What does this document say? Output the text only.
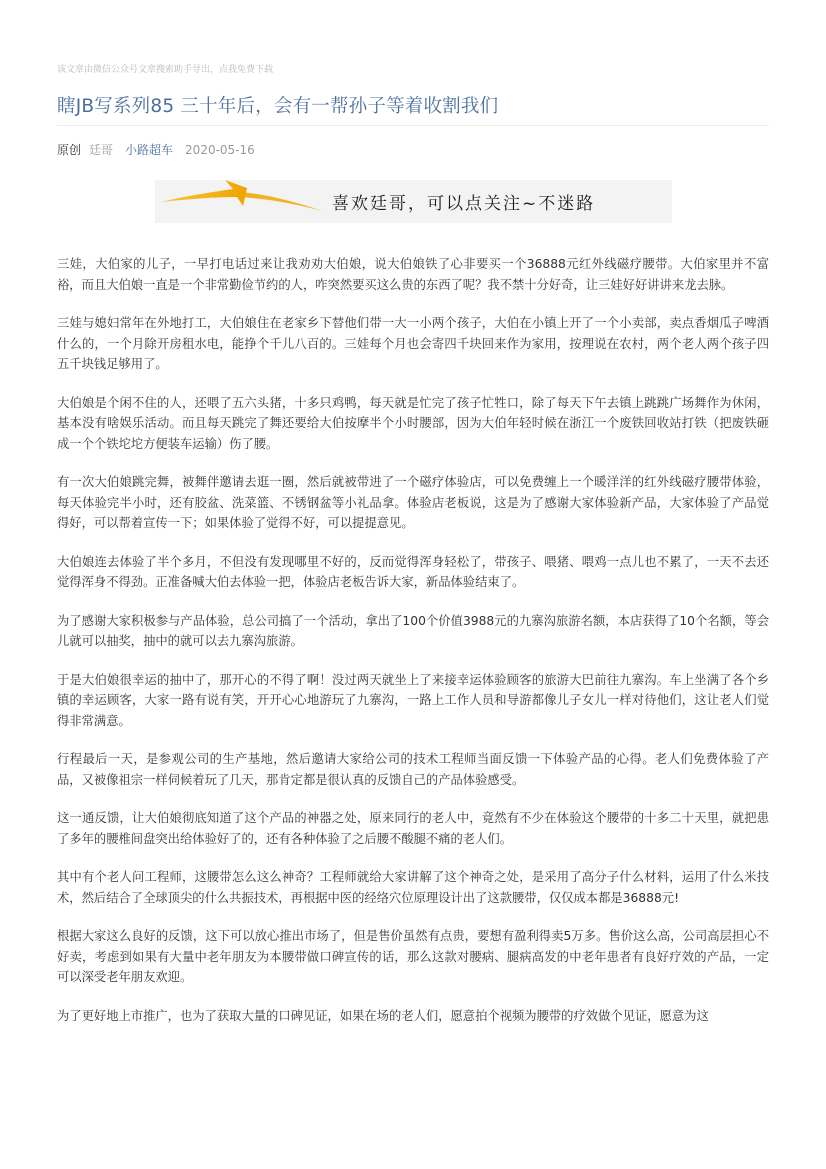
该文章由微信公众号文章搜索助手导出，点我免费下载
瞎JB写系列85 三十年后，会有一帮孙子等着收割我们
原创 廷哥 小路超车 2020-05-16
喜欢廷哥，可以点关注~不迷路

三娃，大伯家的儿子，一早打电话过来让我劝劝大伯娘，说大伯娘铁了心非要买一个36888元红外线磁疗腰带。大伯家里并不富裕，而且大伯娘一直是一个非常勤俭节约的人，咋突然要买这么贵的东西了呢？我不禁十分好奇，让三娃好好讲讲来龙去脉。

三娃与媳妇常年在外地打工，大伯娘住在老家乡下替他们带一大一小两个孩子，大伯在小镇上开了一个小卖部，卖点香烟瓜子啤酒什么的，一个月除开房租水电，能挣个千儿八百的。三娃每个月也会寄四千块回来作为家用，按理说在农村，两个老人两个孩子四五千块钱足够用了。

大伯娘是个闲不住的人，还喂了五六头猪，十多只鸡鸭，每天就是忙完了孩子忙牲口，除了每天下午去镇上跳跳广场舞作为休闲，基本没有啥娱乐活动。而且每天跳完了舞还要给大伯按摩半个小时腰部，因为大伯年轻时候在浙江一个废铁回收站打铁（把废铁砸成一个个铁坨坨方便装车运输）伤了腰。

有一次大伯娘跳完舞，被舞伴邀请去逛一圈，然后就被带进了一个磁疗体验店，可以免费缠上一个暖洋洋的红外线磁疗腰带体验，每天体验完半小时，还有胶盆、洗菜篮、不锈钢盆等小礼品拿。体验店老板说，这是为了感谢大家体验新产品，大家体验了产品觉得好，可以帮着宣传一下；如果体验了觉得不好，可以提提意见。

大伯娘连去体验了半个多月，不但没有发现哪里不好的，反而觉得浑身轻松了，带孩子、喂猪、喂鸡一点儿也不累了，一天不去还觉得浑身不得劲。正准备喊大伯去体验一把，体验店老板告诉大家，新品体验结束了。

为了感谢大家积极参与产品体验，总公司搞了一个活动，拿出了100个价值3988元的九寨沟旅游名额，本店获得了10个名额，等会儿就可以抽奖，抽中的就可以去九寨沟旅游。

于是大伯娘很幸运的抽中了，那开心的不得了啊！没过两天就坐上了来接幸运体验顾客的旅游大巴前往九寨沟。车上坐满了各个乡镇的幸运顾客，大家一路有说有笑，开开心心地游玩了九寨沟，一路上工作人员和导游都像儿子女儿一样对待他们，这让老人们觉得非常满意。

行程最后一天，是参观公司的生产基地，然后邀请大家给公司的技术工程师当面反馈一下体验产品的心得。老人们免费体验了产品，又被像祖宗一样伺候着玩了几天，那肯定都是很认真的反馈自己的产品体验感受。

这一通反馈，让大伯娘彻底知道了这个产品的神器之处，原来同行的老人中，竟然有不少在体验这个腰带的十多二十天里，就把患了多年的腰椎间盘突出给体验好了的，还有各种体验了之后腰不酸腿不痛的老人们。

其中有个老人问工程师，这腰带怎么这么神奇？工程师就给大家讲解了这个神奇之处，是采用了高分子什么材料，运用了什么米技术，然后结合了全球顶尖的什么共振技术，再根据中医的经络穴位原理设计出了这款腰带，仅仅成本都是36888元!

根据大家这么良好的反馈，这下可以放心推出市场了，但是售价虽然有点贵，要想有盈利得卖5万多。售价这么高，公司高层担心不好卖，考虑到如果有大量中老年朋友为本腰带做口碑宣传的话，那么这款对腰病、腿病高发的中老年患者有良好疗效的产品，一定可以深受老年朋友欢迎。

为了更好地上市推广，也为了获取大量的口碑见证，如果在场的老人们，愿意拍个视频为腰带的疗效做个见证，愿意为这
